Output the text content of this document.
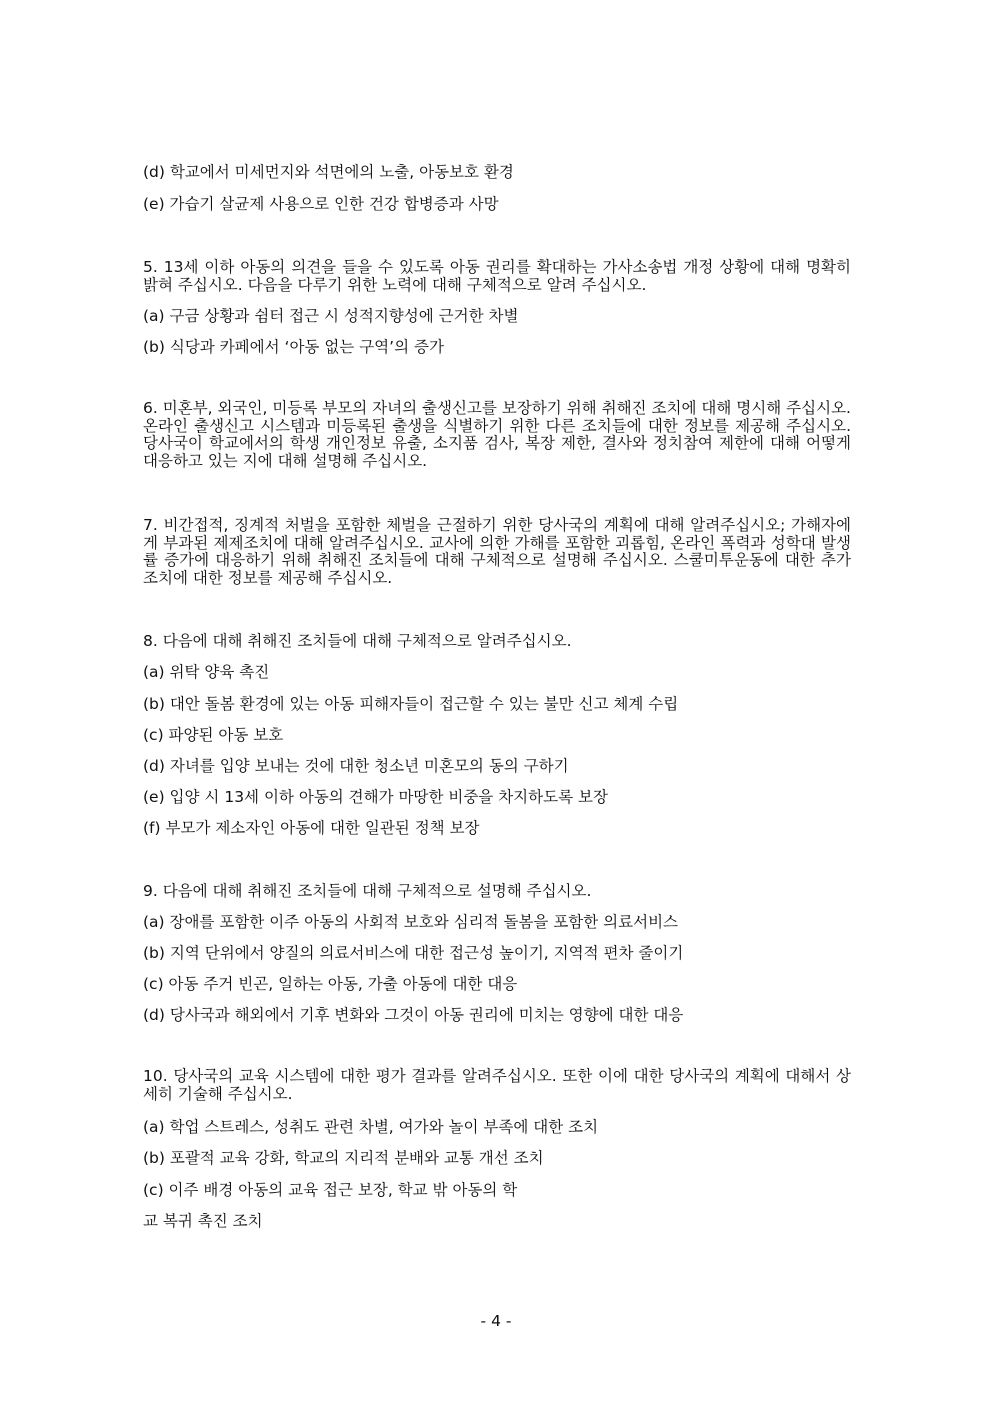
(d) 학교에서 미세먼지와 석면에의 노출, 아동보호 환경

(e) 가습기 살균제 사용으로 인한 건강 합병증과 사망

5. 13세 이하 아동의 의견을 들을 수 있도록 아동 권리를 확대하는 가사소송법 개정 상황에 대해 명확히 밝혀 주십시오. 다음을 다루기 위한 노력에 대해 구체적으로 알려 주십시오.

(a) 구금 상황과 쉼터 접근 시 성적지향성에 근거한 차별

(b) 식당과 카페에서 ‘아동 없는 구역’의 증가

6. 미혼부, 외국인, 미등록 부모의 자녀의 출생신고를 보장하기 위해 취해진 조치에 대해 명시해 주십시오. 온라인 출생신고 시스템과 미등록된 출생을 식별하기 위한 다른 조치들에 대한 정보를 제공해 주십시오. 당사국이 학교에서의 학생 개인정보 유출, 소지품 검사, 복장 제한, 결사와 정치참여 제한에 대해 어떻게 대응하고 있는 지에 대해 설명해 주십시오.

7. 비간접적, 징계적 처벌을 포함한 체벌을 근절하기 위한 당사국의 계획에 대해 알려주십시오; 가해자에게 부과된 제제조치에 대해 알려주십시오. 교사에 의한 가해를 포함한 괴롭힘, 온라인 폭력과 성학대 발생률 증가에 대응하기 위해 취해진 조치들에 대해 구체적으로 설명해 주십시오. 스쿨미투운동에 대한 추가 조치에 대한 정보를 제공해 주십시오.

8. 다음에 대해 취해진 조치들에 대해 구체적으로 알려주십시오.

(a) 위탁 양육 촉진

(b) 대안 돌봄 환경에 있는 아동 피해자들이 접근할 수 있는 불만 신고 체계 수립

(c) 파양된 아동 보호

(d) 자녀를 입양 보내는 것에 대한 청소년 미혼모의 동의 구하기

(e) 입양 시 13세 이하 아동의 견해가 마땅한 비중을 차지하도록 보장

(f) 부모가 제소자인 아동에 대한 일관된 정책 보장

9. 다음에 대해 취해진 조치들에 대해 구체적으로 설명해 주십시오.

(a) 장애를 포함한 이주 아동의 사회적 보호와 심리적 돌봄을 포함한 의료서비스

(b) 지역 단위에서 양질의 의료서비스에 대한 접근성 높이기, 지역적 편차 줄이기

(c) 아동 주거 빈곤, 일하는 아동, 가출 아동에 대한 대응

(d) 당사국과 해외에서 기후 변화와 그것이 아동 권리에 미치는 영향에 대한 대응

10. 당사국의 교육 시스템에 대한 평가 결과를 알려주십시오. 또한 이에 대한 당사국의 계획에 대해서 상세히 기술해 주십시오.

(a) 학업 스트레스, 성취도 관련 차별, 여가와 놀이 부족에 대한 조치

(b) 포괄적 교육 강화, 학교의 지리적 분배와 교통 개선 조치

(c) 이주 배경 아동의 교육 접근 보장, 학교 밖 아동의 학

교 복귀 촉진 조치

- 4 -
